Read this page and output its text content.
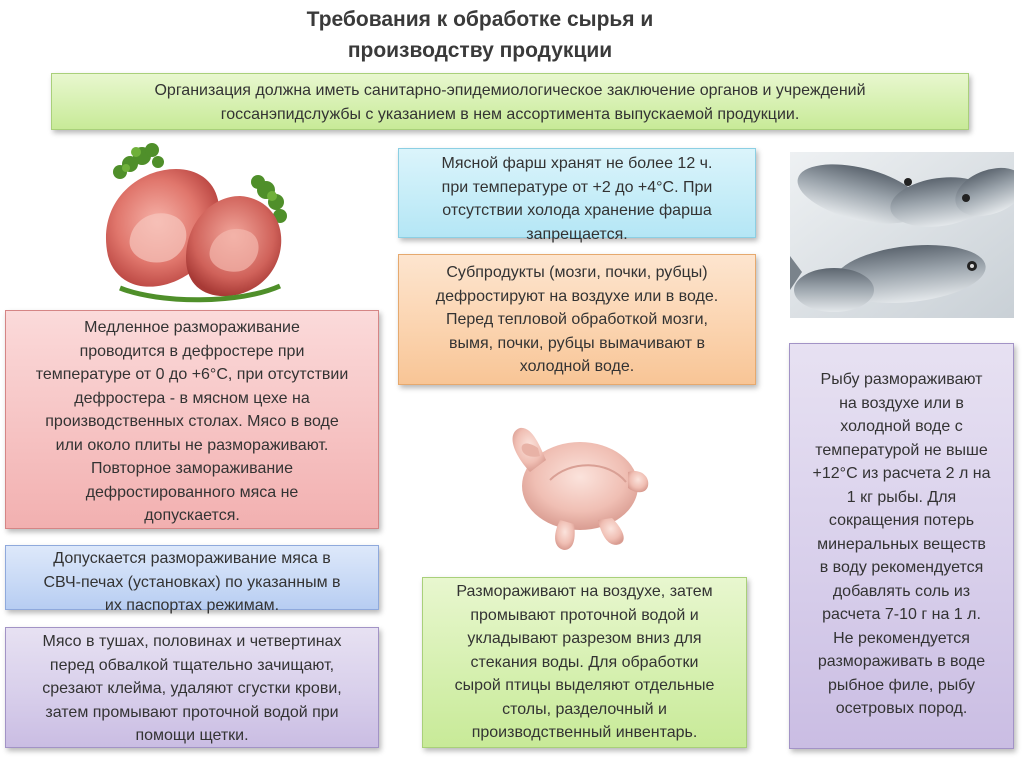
Требования к обработке сырья и
производству продукции
Организация должна иметь санитарно-эпидемиологическое заключение органов и учреждений
госсанэпидслужбы с указанием в нем ассортимента выпускаемой продукции.
Мясной фарш хранят не более 12 ч.
при температуре от +2 до +4°С. При
отсутствии холода хранение фарша
запрещается.
Субпродукты (мозги, почки, рубцы)
дефростируют на воздухе или в воде.
Перед тепловой обработкой мозги,
вымя, почки, рубцы вымачивают в
холодной воде.
Медленное размораживание
проводится в дефростере при
температуре от 0 до +6°С, при отсутствии
дефростера - в мясном цехе на
производственных столах. Мясо в воде
или около плиты не размораживают.
Повторное замораживание
дефростированного мяса не
допускается.
Рыбу размораживают
на воздухе или в
холодной воде с
температурой не выше
+12°С из расчета 2 л на
1 кг рыбы. Для
сокращения потерь
минеральных веществ
в воду рекомендуется
добавлять соль из
расчета 7-10 г на 1 л.
Не рекомендуется
размораживать в воде
рыбное филе, рыбу
осетровых пород.
Допускается размораживание мяса в
СВЧ-печах (установках) по указанным в
их паспортах режимам.
Мясо в тушах, половинах и четвертинах
перед обвалкой тщательно зачищают,
срезают клейма, удаляют сгустки крови,
затем промывают проточной водой при
помощи щетки.
Размораживают на воздухе, затем
промывают проточной водой и
укладывают разрезом вниз для
стекания воды. Для обработки
сырой птицы выделяют отдельные
столы, разделочный и
производственный инвентарь.
